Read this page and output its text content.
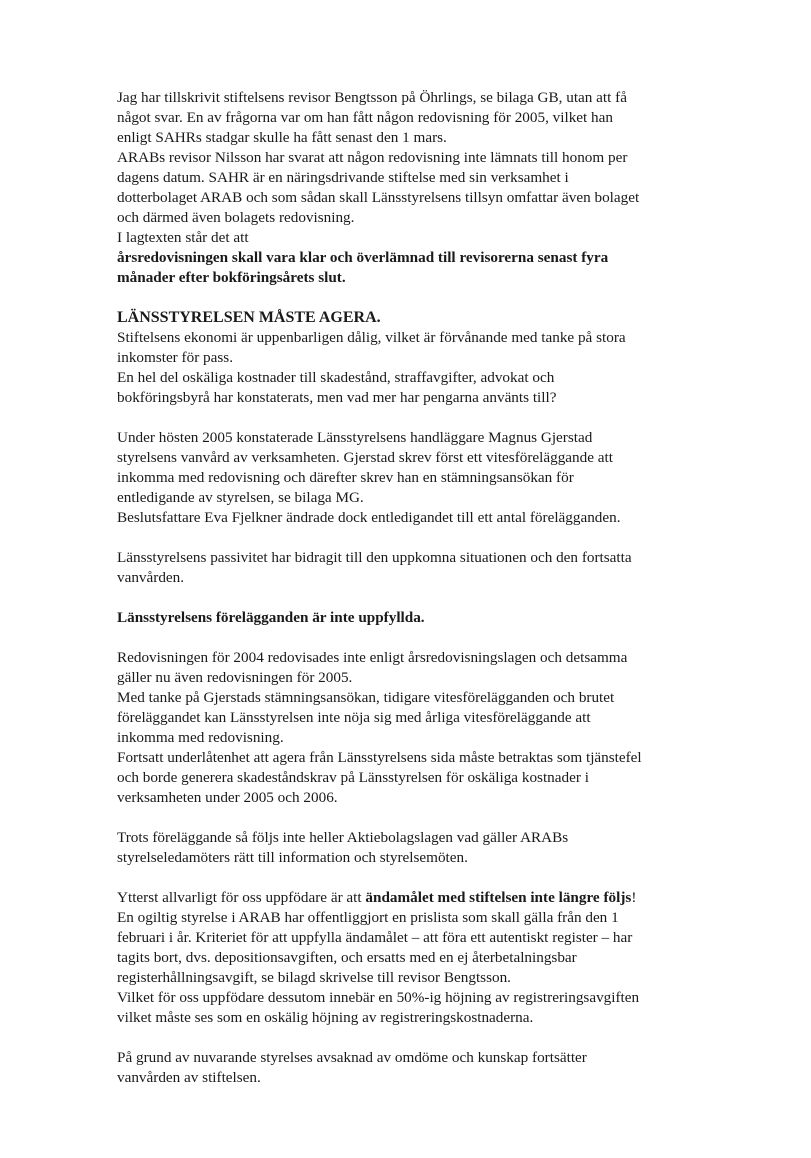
Jag har tillskrivit stiftelsens revisor Bengtsson på Öhrlings, se bilaga GB, utan att få
något svar. En av frågorna var om han fått någon redovisning för 2005, vilket han
enligt SAHRs stadgar skulle ha fått senast den 1 mars.
ARABs revisor Nilsson har svarat att någon redovisning inte lämnats till honom per
dagens datum. SAHR är en näringsdrivande stiftelse med sin verksamhet i
dotterbolaget ARAB och som sådan skall Länsstyrelsens tillsyn omfattar även bolaget
och därmed även bolagets redovisning.
I lagtexten står det att
årsredovisningen skall vara klar och överlämnad till revisorerna senast fyra
månader efter bokföringsårets slut.

LÄNSSTYRELSEN MÅSTE AGERA.

Stiftelsens ekonomi är uppenbarligen dålig, vilket är förvånande med tanke på stora
inkomster för pass.
En hel del oskäliga kostnader till skadestånd, straffavgifter, advokat och
bokföringsbyrå har konstaterats, men vad mer har pengarna använts till?

Under hösten 2005 konstaterade Länsstyrelsens handläggare Magnus Gjerstad
styrelsens vanvård av verksamheten. Gjerstad skrev först ett vitesföreläggande att
inkomma med redovisning och därefter skrev han en stämningsansökan för
entledigande av styrelsen, se bilaga MG.
Beslutsfattare Eva Fjelkner ändrade dock entledigandet till ett antal förelägganden.

Länsstyrelsens passivitet har bidragit till den uppkomna situationen och den fortsatta
vanvården.

Länsstyrelsens förelägganden är inte uppfyllda.

Redovisningen för 2004 redovisades inte enligt årsredovisningslagen och detsamma
gäller nu även redovisningen för 2005.
Med tanke på Gjerstads stämningsansökan, tidigare vitesförelägganden och brutet
föreläggandet kan Länsstyrelsen inte nöja sig med årliga vitesföreläggande att
inkomma med redovisning.
Fortsatt underlåtenhet att agera från Länsstyrelsens sida måste betraktas som tjänstefel
och borde generera skadeståndskrav på Länsstyrelsen för oskäliga kostnader i
verksamheten under 2005 och 2006.

Trots föreläggande så följs inte heller Aktiebolagslagen vad gäller ARABs
styrelseledamöters rätt till information och styrelsemöten.

Ytterst allvarligt för oss uppfödare är att ändamålet med stiftelsen inte längre följs!
En ogiltig styrelse i ARAB har offentliggjort en prislista som skall gälla från den 1
februari i år. Kriteriet för att uppfylla ändamålet – att föra ett autentiskt register – har
tagits bort, dvs. depositionsavgiften, och ersatts med en ej återbetalningsbar
registerhållningsavgift, se bilagd skrivelse till revisor Bengtsson.
Vilket för oss uppfödare dessutom innebär en 50%-ig höjning av registreringsavgiften
vilket måste ses som en oskälig höjning av registreringskostnaderna.

På grund av nuvarande styrelses avsaknad av omdöme och kunskap fortsätter
vanvården av stiftelsen.
